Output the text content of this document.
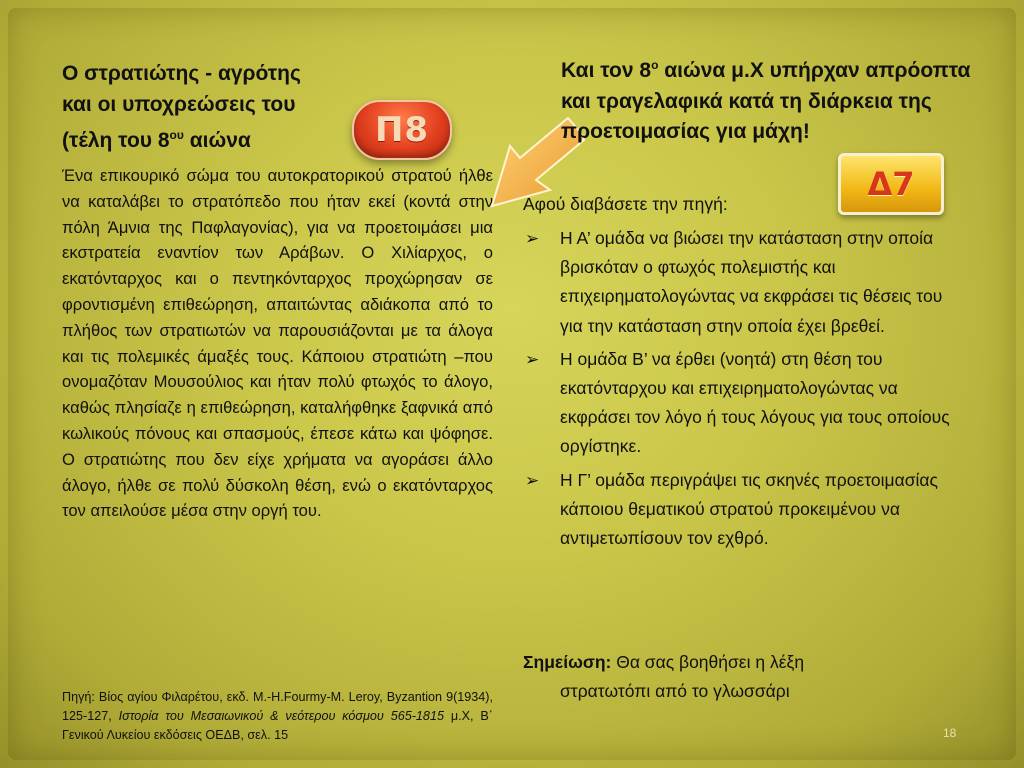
Ο στρατιώτης - αγρότης
και οι υποχρεώσεις του
(τέλη του $8^{o\upsilon}$ αιώνα	Π8

Ένα επικουρικό σώμα του αυτοκρατορικού στρατού ήλθε να καταλάβει το στρατόπεδο που ήταν εκεί (κοντά στην πόλη Άμνια της Παφλαγονίας), για να προετοιμάσει μια εκστρατεία εναντίον των Αράβων. Ο Χιλίαρχος, ο εκατόνταρχος και ο πεντηκόνταρχος προχώρησαν σε φροντισμένη επιθεώρηση, απαιτώντας αδιάκοπα από το πλήθος των στρατιωτών να παρουσιάζονται με τα άλογα και τις πολεμικές άμαξές τους. Κάποιου στρατιώτη –που ονομαζόταν Μουσούλιος και ήταν πολύ φτωχός το άλογο, καθώς πλησίαζε η επιθεώρηση, καταλήφθηκε ξαφνικά από κωλικούς πόνους και σπασμούς, έπεσε κάτω και ψόφησε. Ο στρατιώτης που δεν είχε χρήματα να αγοράσει άλλο άλογο, ήλθε σε πολύ δύσκολη θέση, ενώ ο εκατόνταρχος τον απειλούσε μέσα στην οργή του.

Πηγή: Βίος αγίου Φιλαρέτου, εκδ. M.-H.Fourmy-M. Leroy, Byzantion 9(1934), 125-127, Ιστορία του Μεσαιωνικού & νεότερου κόσμου 565-1815 μ.Χ, Β΄ Γενικού Λυκείου εκδόσεις ΟΕΔΒ, σελ. 15

Και τον $8^o$ αιώνα μ.Χ υπήρχαν απρόοπτα και τραγελαφικά κατά τη διάρκεια της προετοιμασίας για μάχη!
Δ7
Αφού διαβάσετε την πηγή:
➢ Η Α’ ομάδα να βιώσει την κατάσταση στην οποία βρισκόταν ο φτωχός πολεμιστής και επιχειρηματολογώντας να εκφράσει τις θέσεις του για την κατάσταση στην οποία έχει βρεθεί.
➢ Η ομάδα Β’ να έρθει (νοητά) στη θέση του εκατόνταρχου και επιχειρηματολογώντας να εκφράσει τον λόγο ή τους λόγους για τους οποίους οργίστηκε.
➢ Η Γ’ ομάδα περιγράψει τις σκηνές προετοιμασίας κάποιου θεματικού στρατού προκειμένου να αντιμετωπίσουν τον εχθρό.
Σημείωση: Θα σας βοηθήσει η λέξη
στρατωτόπι από το γλωσσάρι
18
